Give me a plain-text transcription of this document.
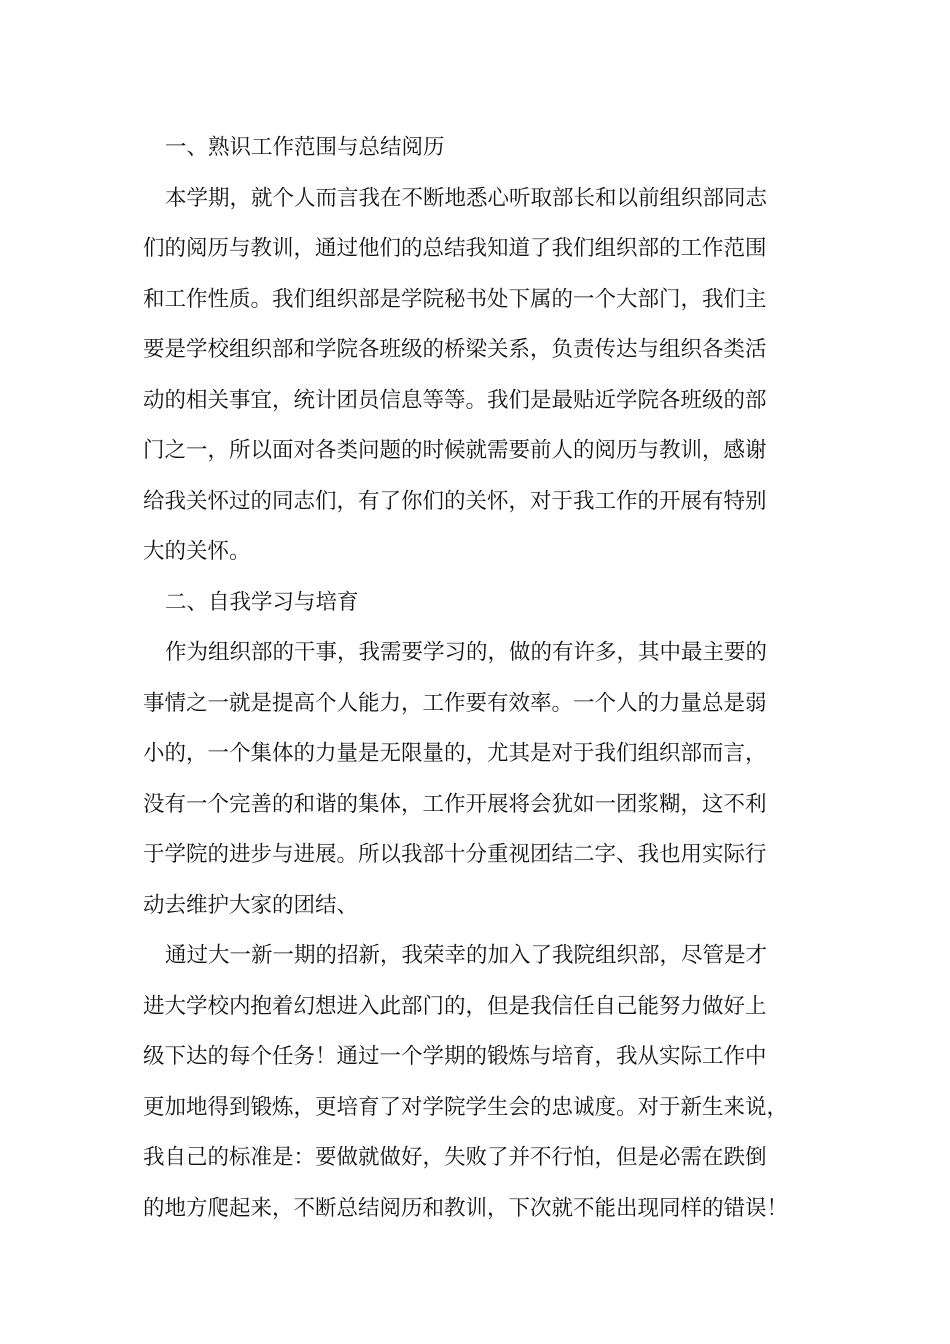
一、熟识工作范围与总结阅历
本学期，就个人而言我在不断地悉心听取部长和以前组织部同志
们的阅历与教训，通过他们的总结我知道了我们组织部的工作范围
和工作性质。我们组织部是学院秘书处下属的一个大部门，我们主
要是学校组织部和学院各班级的桥梁关系，负责传达与组织各类活
动的相关事宜，统计团员信息等等。我们是最贴近学院各班级的部
门之一，所以面对各类问题的时候就需要前人的阅历与教训，感谢
给我关怀过的同志们，有了你们的关怀，对于我工作的开展有特别
大的关怀。
二、自我学习与培育
作为组织部的干事，我需要学习的，做的有许多，其中最主要的
事情之一就是提高个人能力，工作要有效率。一个人的力量总是弱
小的，一个集体的力量是无限量的，尤其是对于我们组织部而言，
没有一个完善的和谐的集体，工作开展将会犹如一团浆糊，这不利
于学院的进步与进展。所以我部十分重视团结二字、我也用实际行
动去维护大家的团结、
通过大一新一期的招新，我荣幸的加入了我院组织部，尽管是才
进大学校内抱着幻想进入此部门的，但是我信任自己能努力做好上
级下达的每个任务！通过一个学期的锻炼与培育，我从实际工作中
更加地得到锻炼，更培育了对学院学生会的忠诚度。对于新生来说，
我自己的标准是：要做就做好，失败了并不行怕，但是必需在跌倒
的地方爬起来，不断总结阅历和教训，下次就不能出现同样的错误！
